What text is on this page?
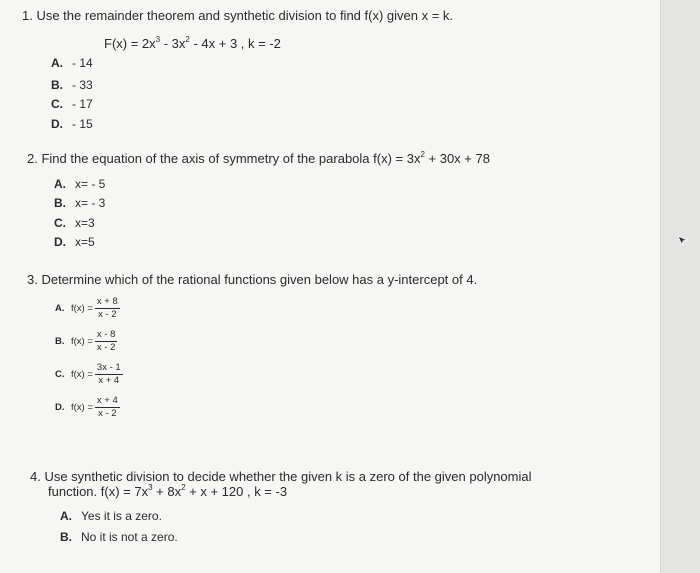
1. Use the remainder theorem and synthetic division to find f(x) given x = k.
$F(x) = 2x^3 - 3x^2 - 4x + 3$ , k = -2
A. - 14
B. - 33
C. - 17
D. - 15
2. Find the equation of the axis of symmetry of the parabola $f(x) = 3x^2 + 30x + 78$
A. x= - 5
B. x= - 3
C. x=3
D. x=5
3. Determine which of the rational functions given below has a y-intercept of 4.
A. $f(x) = \frac{x + 8}{x - 2}$
B. $f(x) = \frac{x - 8}{x - 2}$
C. $f(x) = \frac{3x - 1}{x + 4}$
D. $f(x) = \frac{x + 4}{x - 2}$
4. Use synthetic division to decide whether the given k is a zero of the given polynomial
function. $f(x) = 7x^3 + 8x^2 + x + 120$ , k = -3
A. Yes it is a zero.
B. No it is not a zero.
